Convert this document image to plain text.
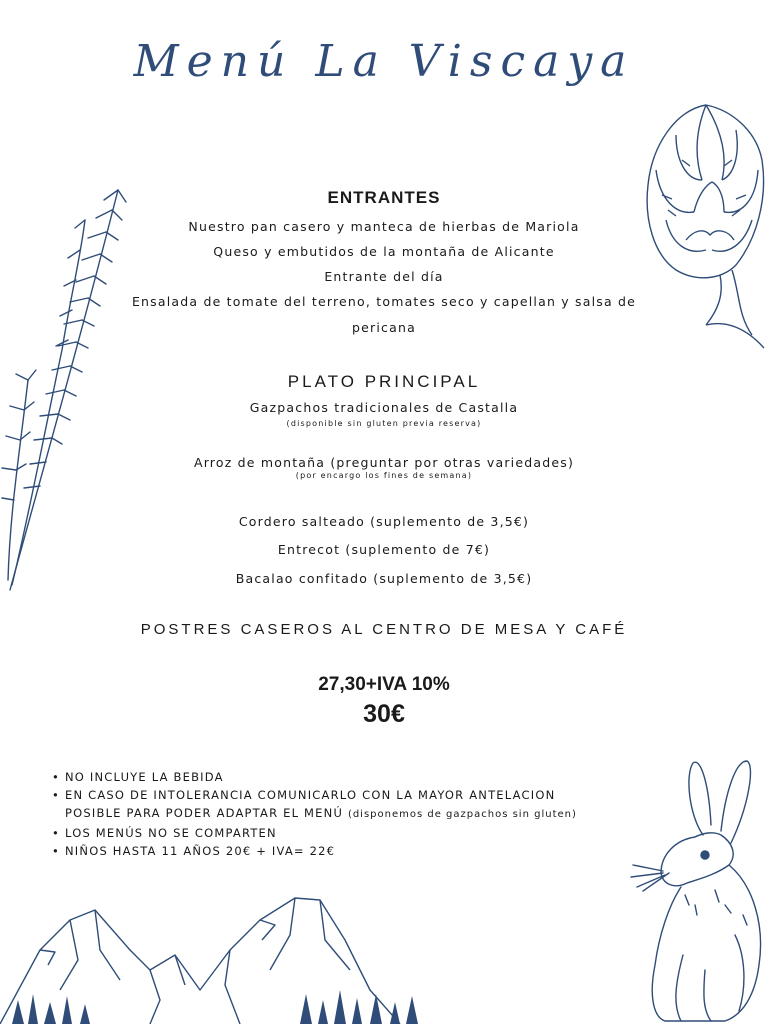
Menú La Viscaya
ENTRANTES
Nuestro pan casero y manteca de hierbas de Mariola
Queso y embutidos de la montaña de Alicante
Entrante del día
Ensalada de tomate del terreno, tomates seco y capellan y salsa de
pericana
PLATO PRINCIPAL
Gazpachos tradicionales de Castalla
(disponible sin gluten previa reserva)
Arroz de montaña (preguntar por otras variedades)
(por encargo los fines de semana)
Cordero salteado (suplemento de 3,5€)
Entrecot (suplemento de 7€)
Bacalao confitado (suplemento de 3,5€)
POSTRES CASEROS AL CENTRO DE MESA Y CAFÉ
27,30+IVA 10%
30€
• NO INCLUYE LA BEBIDA
• EN CASO DE INTOLERANCIA COMUNICARLO CON LA MAYOR ANTELACION
POSIBLE PARA PODER ADAPTAR EL MENÚ (disponemos de gazpachos sin gluten)
• LOS MENÚS NO SE COMPARTEN
• NIÑOS HASTA 11 AÑOS 20€ + IVA= 22€
